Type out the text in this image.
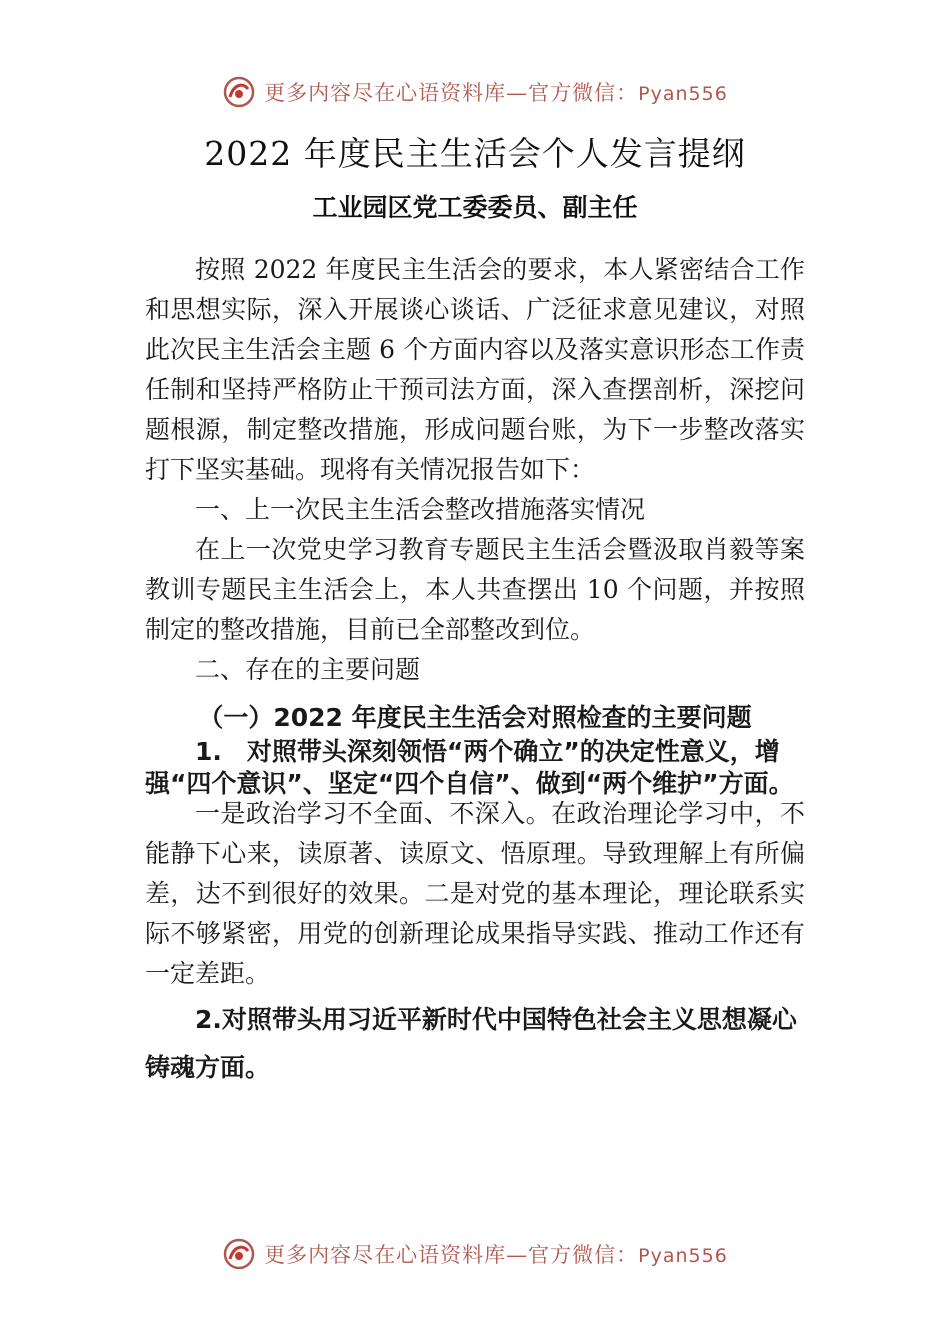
更多内容尽在心语资料库—官方微信：Pyan556
2022 年度民主生活会个人发言提纲
工业园区党工委委员、副主任

按照 2022 年度民主生活会的要求，本人紧密结合工作和思想实际，深入开展谈心谈话、广泛征求意见建议，对照此次民主生活会主题 6 个方面内容以及落实意识形态工作责任制和坚持严格防止干预司法方面，深入查摆剖析，深挖问题根源，制定整改措施，形成问题台账，为下一步整改落实 打下坚实基础。现将有关情况报告如下：

一、上一次民主生活会整改措施落实情况

在上一次党史学习教育专题民主生活会暨汲取肖毅等案教训专题民主生活会上，本人共查摆出 10 个问题，并按照制定的整改措施，目前已全部整改到位。

二、存在的主要问题

（一）2022 年度民主生活会对照检查的主要问题

1.　对照带头深刻领悟“两个确立”的决定性意义，增强“四个意识”、坚定“四个自信”、做到“两个维护”方面。

一是政治学习不全面、不深入。在政治理论学习中，不能静下心来，读原著、读原文、悟原理。导致理解上有所偏差，达不到很好的效果。二是对党的基本理论，理论联系实际不够紧密，用党的创新理论成果指导实践、推动工作还有一定差距。

2.对照带头用习近平新时代中国特色社会主义思想凝心铸魂方面。

更多内容尽在心语资料库—官方微信：Pyan556
